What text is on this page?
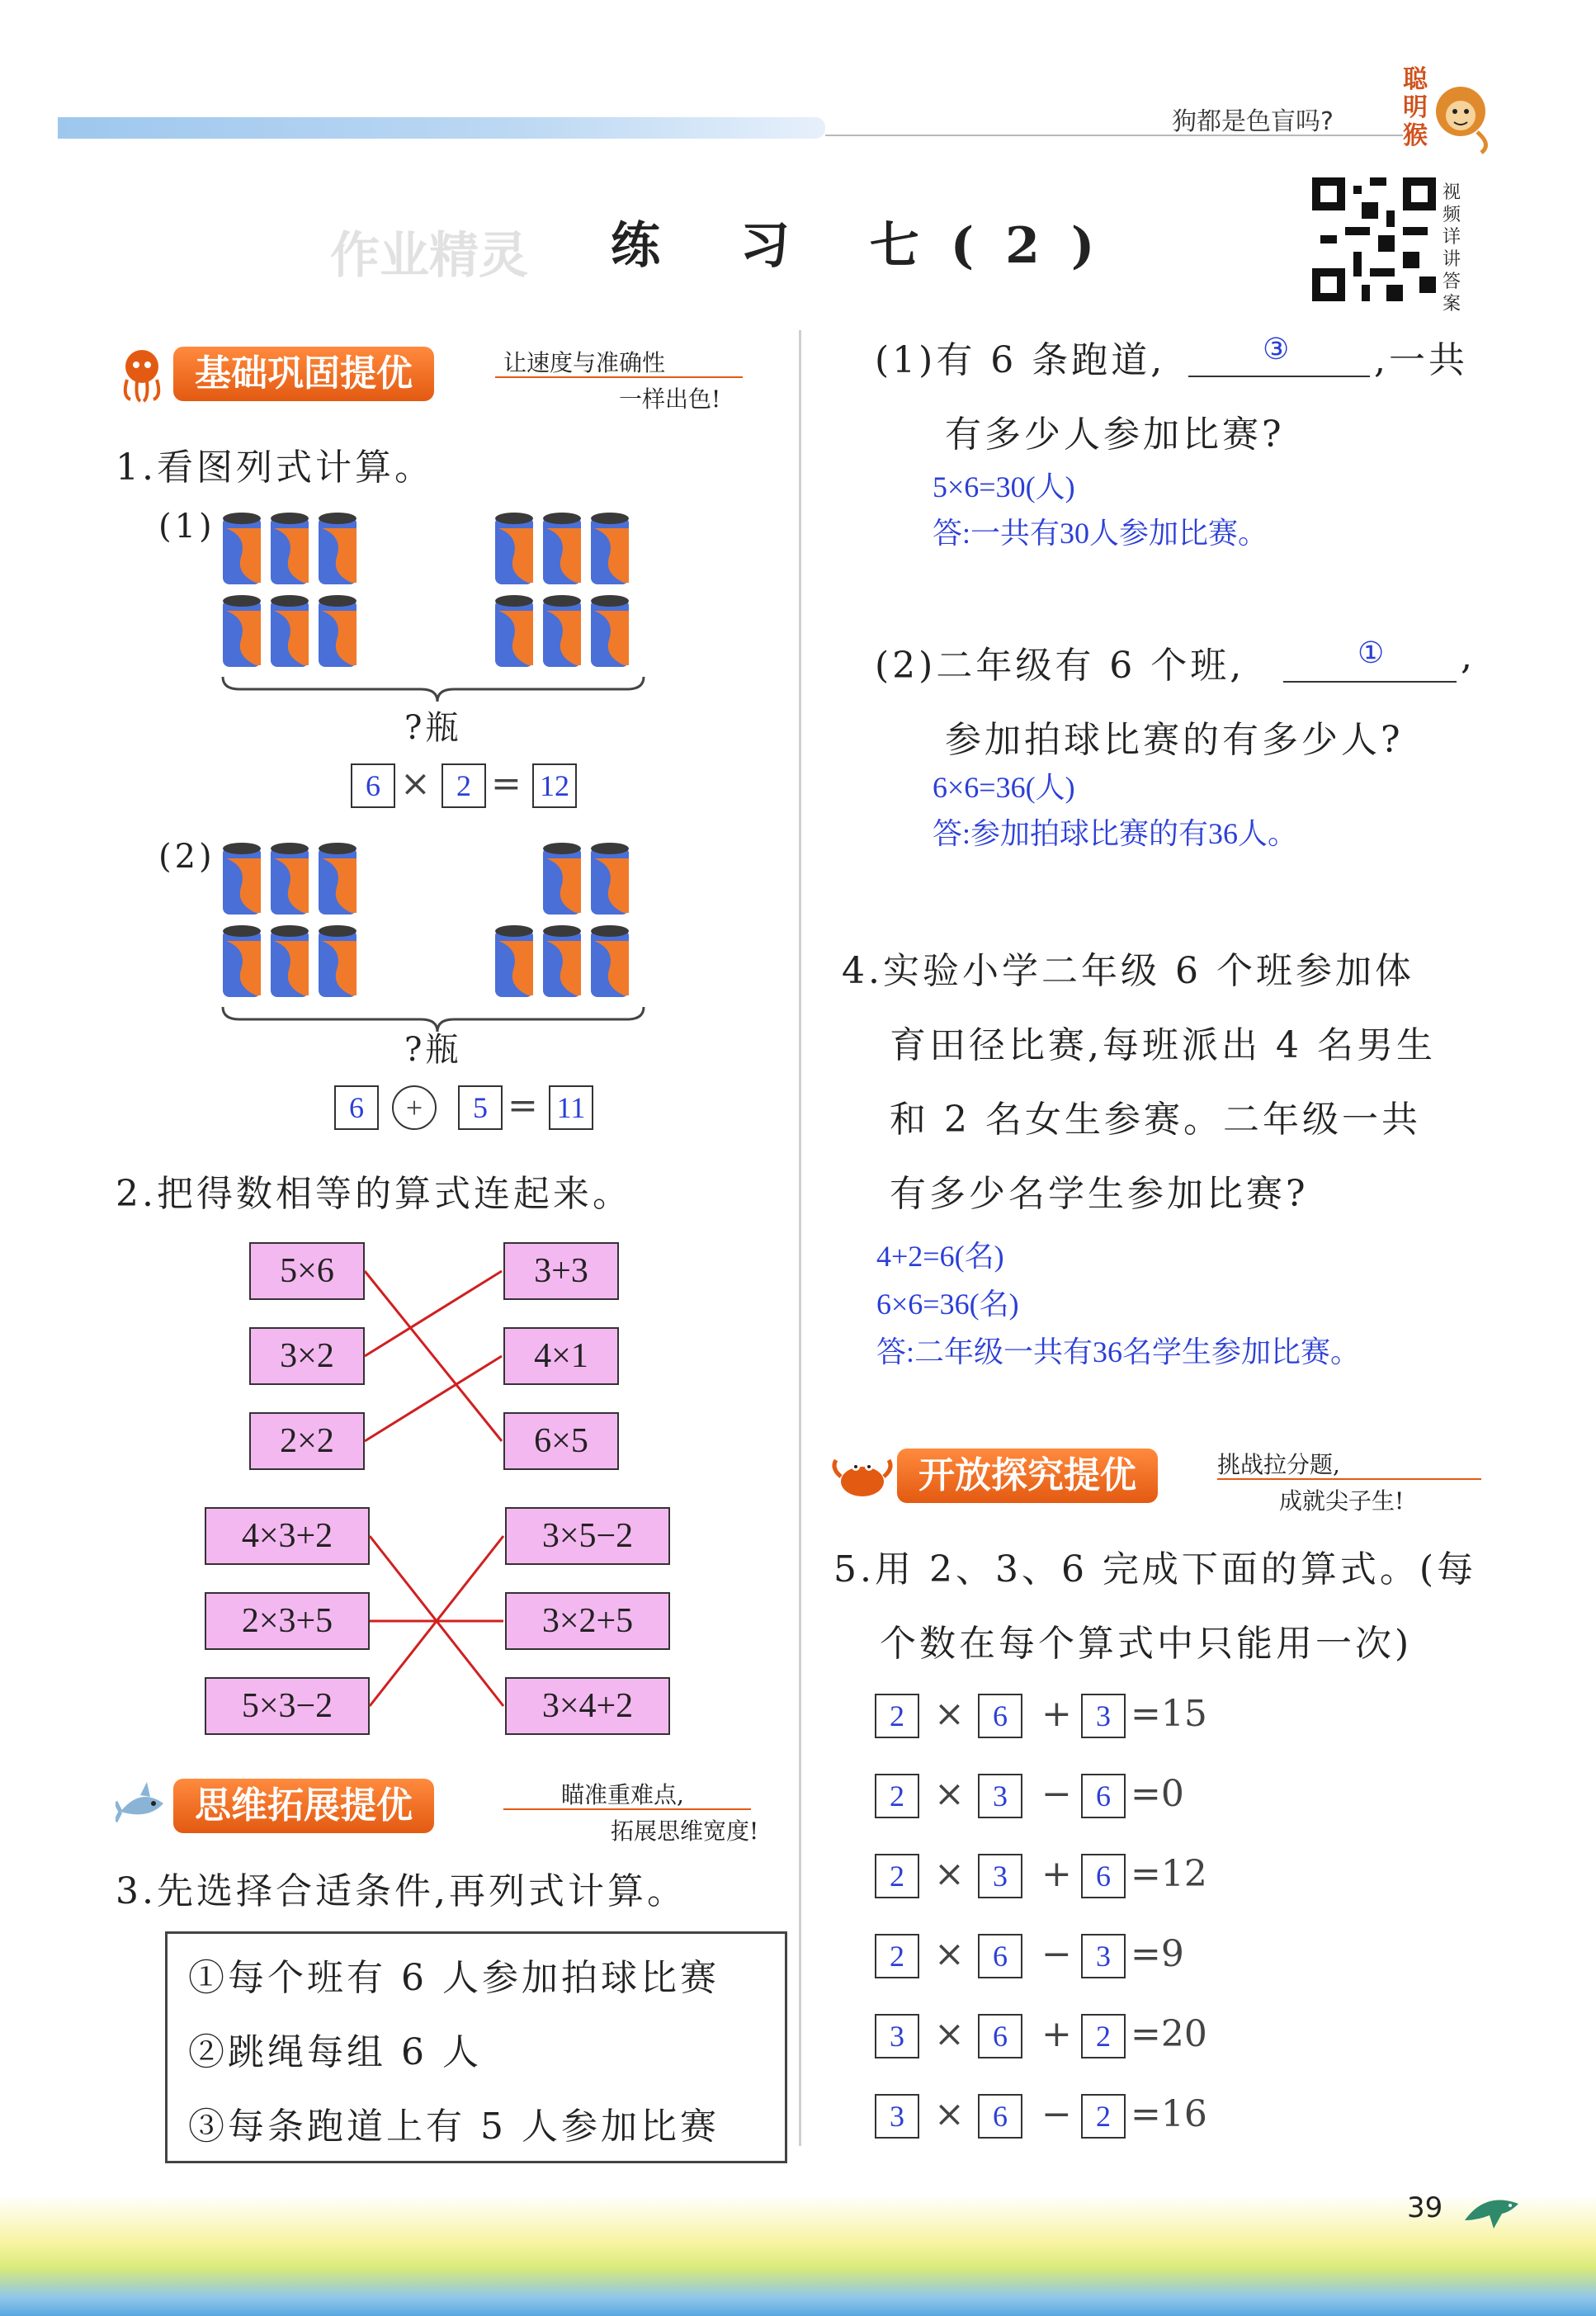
狗都是色盲吗?
聪明猴
作业精灵 练 习 七(2)
视频详讲答案
基础巩固提优	让速度与准确性
一样出色!
1.看图列式计算。
(1)
?瓶
6 × 2 = 12
(2)
?瓶
6	+	5 = 11
2.把得数相等的算式连起来。
5×6
3×2
2×2
3+3
4×1
6×5
4×3+2
2×3+5
5×3−2
3×5−2
3×2+5
3×4+2
思维拓展提优	瞄准重难点,
拓展思维宽度!
3.先选择合适条件,再列式计算。
①每个班有 6 人参加拍球比赛
②跳绳每组 6 人
③每条跑道上有 5 人参加比赛
(1)有 6 条跑道,	③ ,一共
有多少人参加比赛?
5×6=30(人)
答:一共有30人参加比赛。
(2)二年级有 6 个班,	① ,
参加拍球比赛的有多少人?
6×6=36(人)
答:参加拍球比赛的有36人。
4.实验小学二年级 6 个班参加体
育田径比赛,每班派出 4 名男生
和 2 名女生参赛。二年级一共
有多少名学生参加比赛?
4+2=6(名)
6×6=36(名)
答:二年级一共有36名学生参加比赛。
开放探究提优	挑战拉分题,
成就尖子生!
5.用 2、3、6 完成下面的算式。(每
个数在每个算式中只能用一次)
2 × 6 + 3 =15
2 × 3 − 6 =0
2 × 3 + 6 =12
2 × 6 − 3 =9
3 × 6 + 2 =20
3 × 6 − 2 =16
39
